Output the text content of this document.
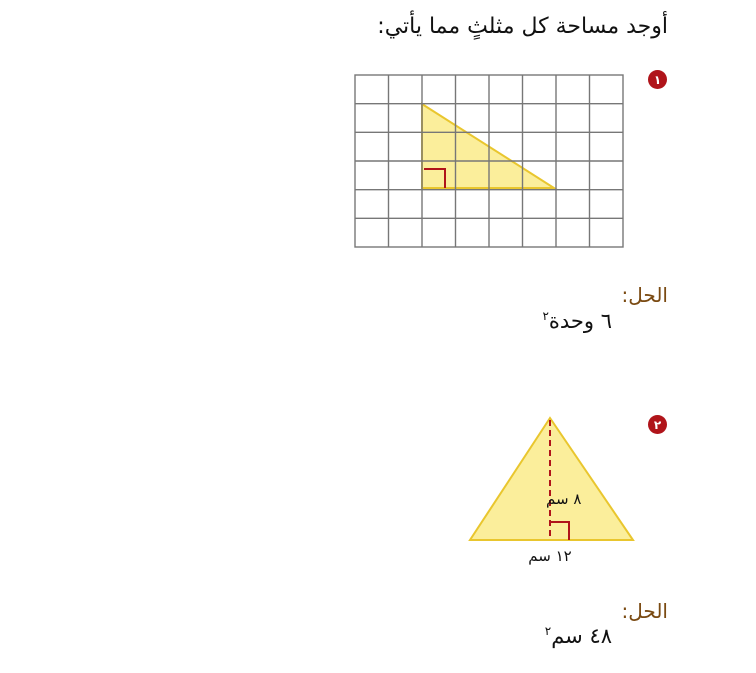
أوجد مساحة كل مثلثٍ مما يأتي:
١
الحل:
٦ وحدة$^٢$
٢
٨ سم
١٢ سم
الحل:
٤٨ سم$^٢$
